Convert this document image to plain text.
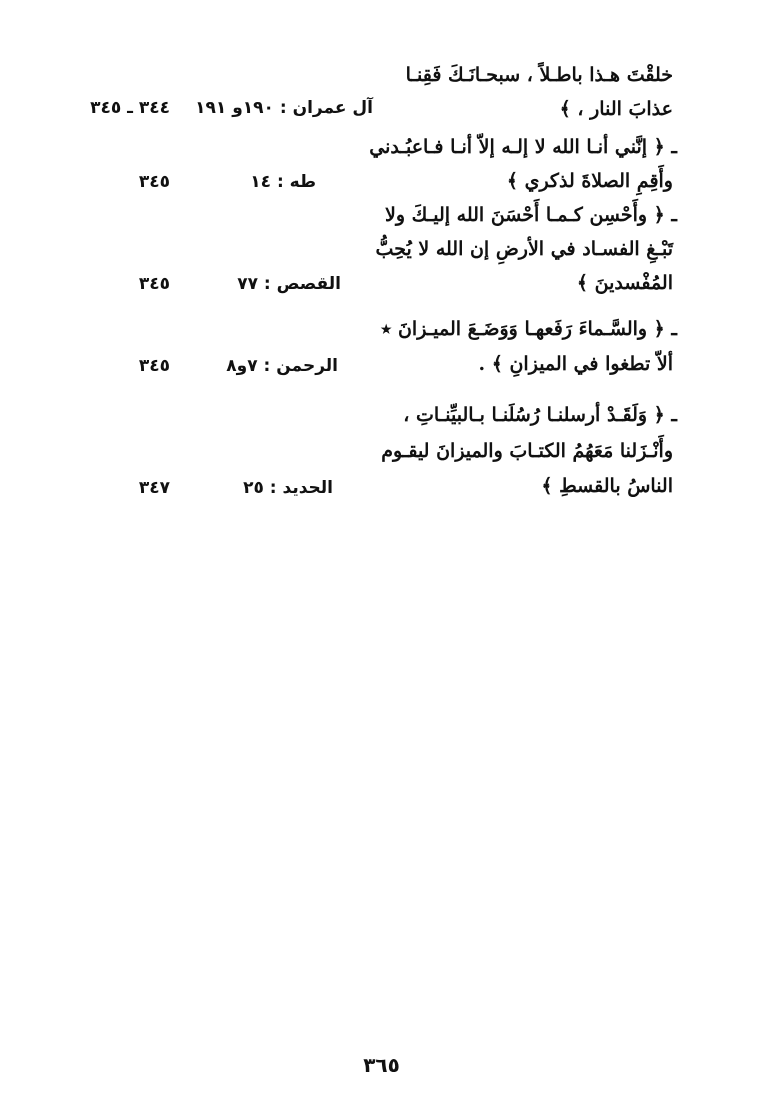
خلقْتَ هـذا باطـلاً ، سبحـانَـكَ فَقِنـا
عذابَ النار ، ﴾
آل عمران : ١٩٠و ١٩١
٣٤٤ ـ ٣٤٥
ـ ﴿ إنَّني أنـا الله لا إلـه إلاّ أنـا فـاعبُـدني
وأَقِمِ الصلاةَ لذكري ﴾
طه : ١٤
٣٤٥
ـ ﴿ وأَحْسِن كـمـا أَحْسَنَ الله إليـكَ ولا
تَبْـغِ الفسـاد في الأرضِ إن الله لا يُحِبُّ
المُفْسدينَ ﴾
القصص : ٧٧
٣٤٥
ـ ﴿ والسَّـماءَ رَفَعهـا وَوَضَـعَ الميـزانَ ٭
ألاّ تطغوا في الميزانِ ﴾ .
الرحمن : ٧و٨
٣٤٥
ـ ﴿ وَلَقَـدْ أرسلنـا رُسُلَنـا بـالبيِّنـاتِ ،
وأَنْـزَلنا مَعَهُمُ الكتـابَ والميزانَ ليقـوم
الناسُ بالقسطِ ﴾
الحديد : ٢٥
٣٤٧
٣٦٥
